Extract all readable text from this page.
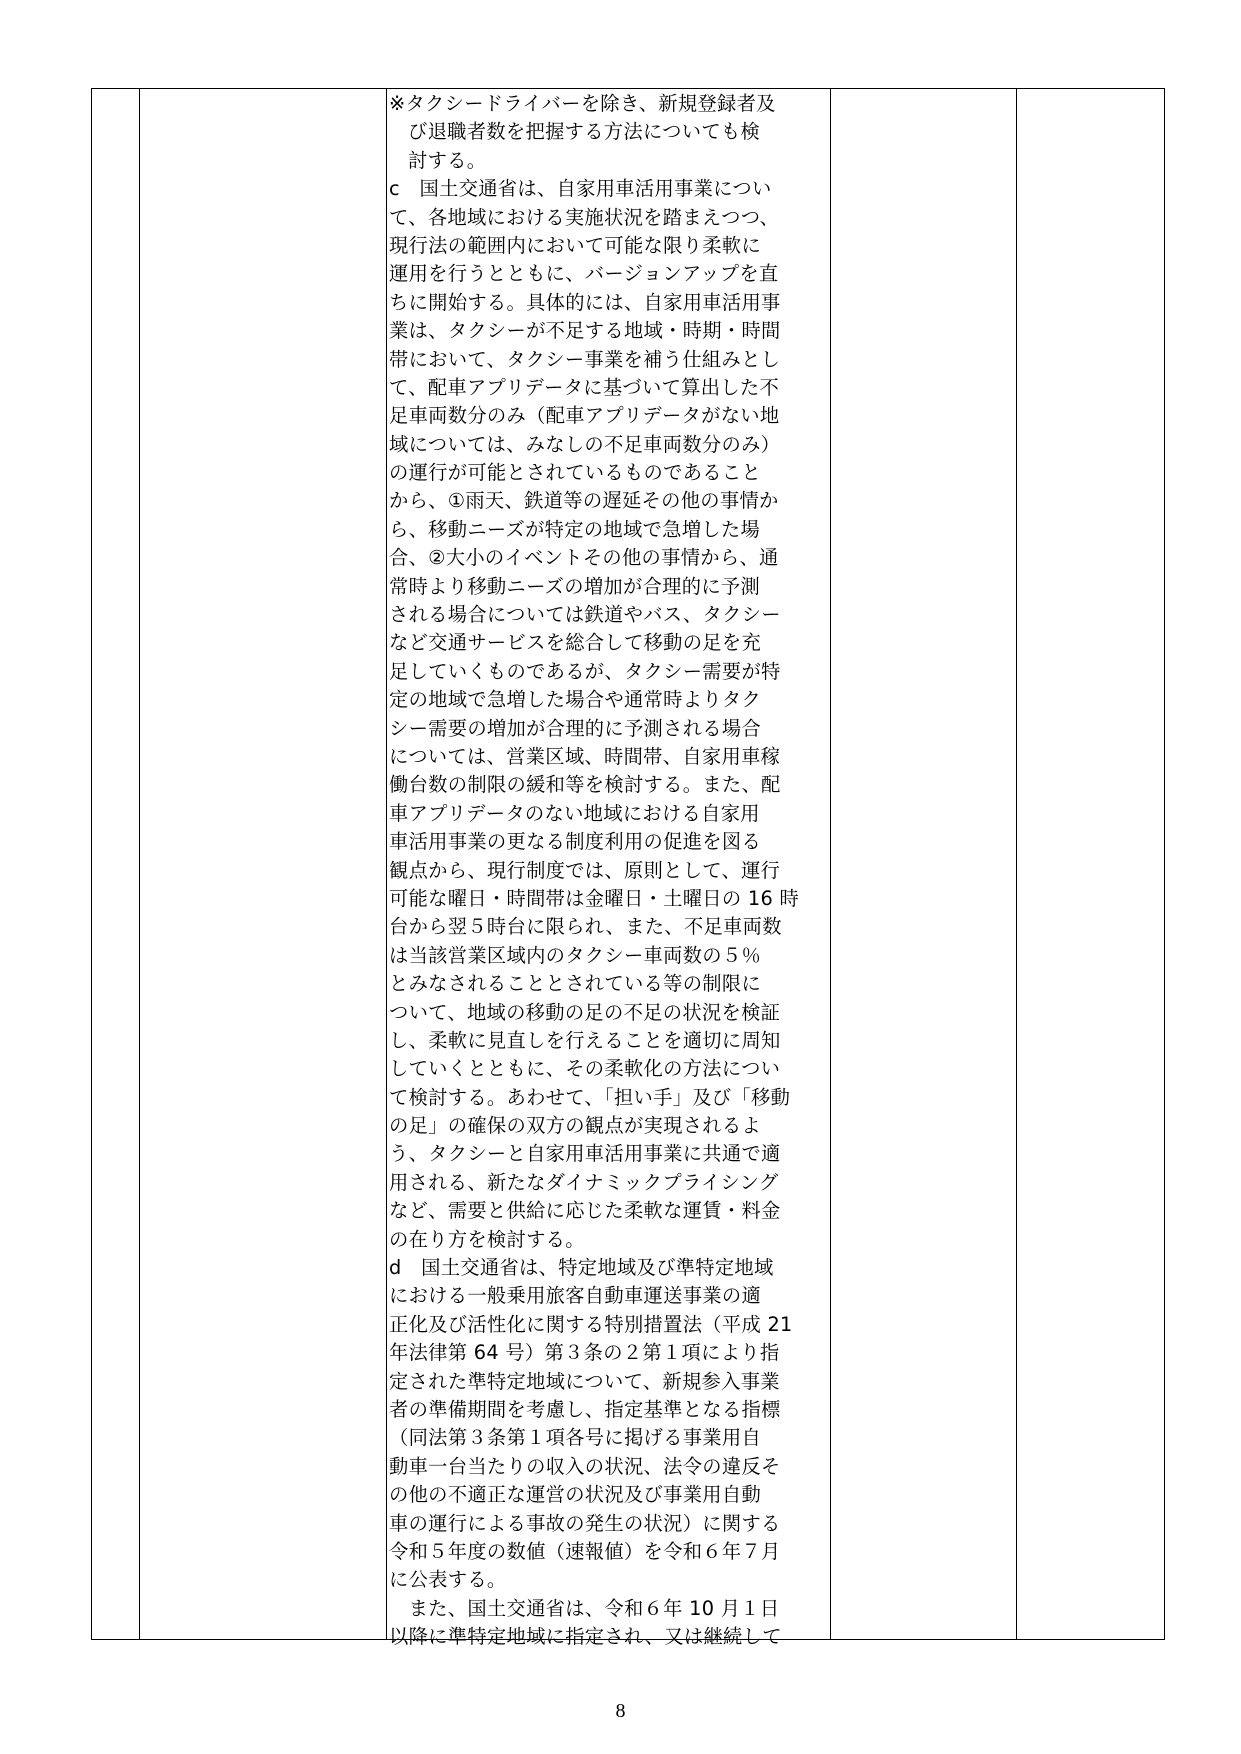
※タクシードライバーを除き、新規登録者及
び退職者数を把握する方法についても検
討する。
c　国土交通省は、自家用車活用事業につい
て、各地域における実施状況を踏まえつつ、
現行法の範囲内において可能な限り柔軟に
運用を行うとともに、バージョンアップを直
ちに開始する。具体的には、自家用車活用事
業は、タクシーが不足する地域・時期・時間
帯において、タクシー事業を補う仕組みとし
て、配車アプリデータに基づいて算出した不
足車両数分のみ（配車アプリデータがない地
域については、みなしの不足車両数分のみ）
の運行が可能とされているものであること
から、①雨天、鉄道等の遅延その他の事情か
ら、移動ニーズが特定の地域で急増した場
合、②大小のイベントその他の事情から、通
常時より移動ニーズの増加が合理的に予測
される場合については鉄道やバス、タクシー
など交通サービスを総合して移動の足を充
足していくものであるが、タクシー需要が特
定の地域で急増した場合や通常時よりタク
シー需要の増加が合理的に予測される場合
については、営業区域、時間帯、自家用車稼
働台数の制限の緩和等を検討する。また、配
車アプリデータのない地域における自家用
車活用事業の更なる制度利用の促進を図る
観点から、現行制度では、原則として、運行
可能な曜日・時間帯は金曜日・土曜日の 16 時
台から翌５時台に限られ、また、不足車両数
は当該営業区域内のタクシー車両数の５％
とみなされることとされている等の制限に
ついて、地域の移動の足の不足の状況を検証
し、柔軟に見直しを行えることを適切に周知
していくとともに、その柔軟化の方法につい
て検討する。あわせて、「担い手」及び「移動
の足」の確保の双方の観点が実現されるよ
う、タクシーと自家用車活用事業に共通で適
用される、新たなダイナミックプライシング
など、需要と供給に応じた柔軟な運賃・料金
の在り方を検討する。
d　国土交通省は、特定地域及び準特定地域
における一般乗用旅客自動車運送事業の適
正化及び活性化に関する特別措置法（平成 21
年法律第 64 号）第３条の２第１項により指
定された準特定地域について、新規参入事業
者の準備期間を考慮し、指定基準となる指標
（同法第３条第１項各号に掲げる事業用自
動車一台当たりの収入の状況、法令の違反そ
の他の不適正な運営の状況及び事業用自動
車の運行による事故の発生の状況）に関する
令和５年度の数値（速報値）を令和６年７月
に公表する。
　また、国土交通省は、令和６年 10 月１日
以降に準特定地域に指定され、又は継続して
8
